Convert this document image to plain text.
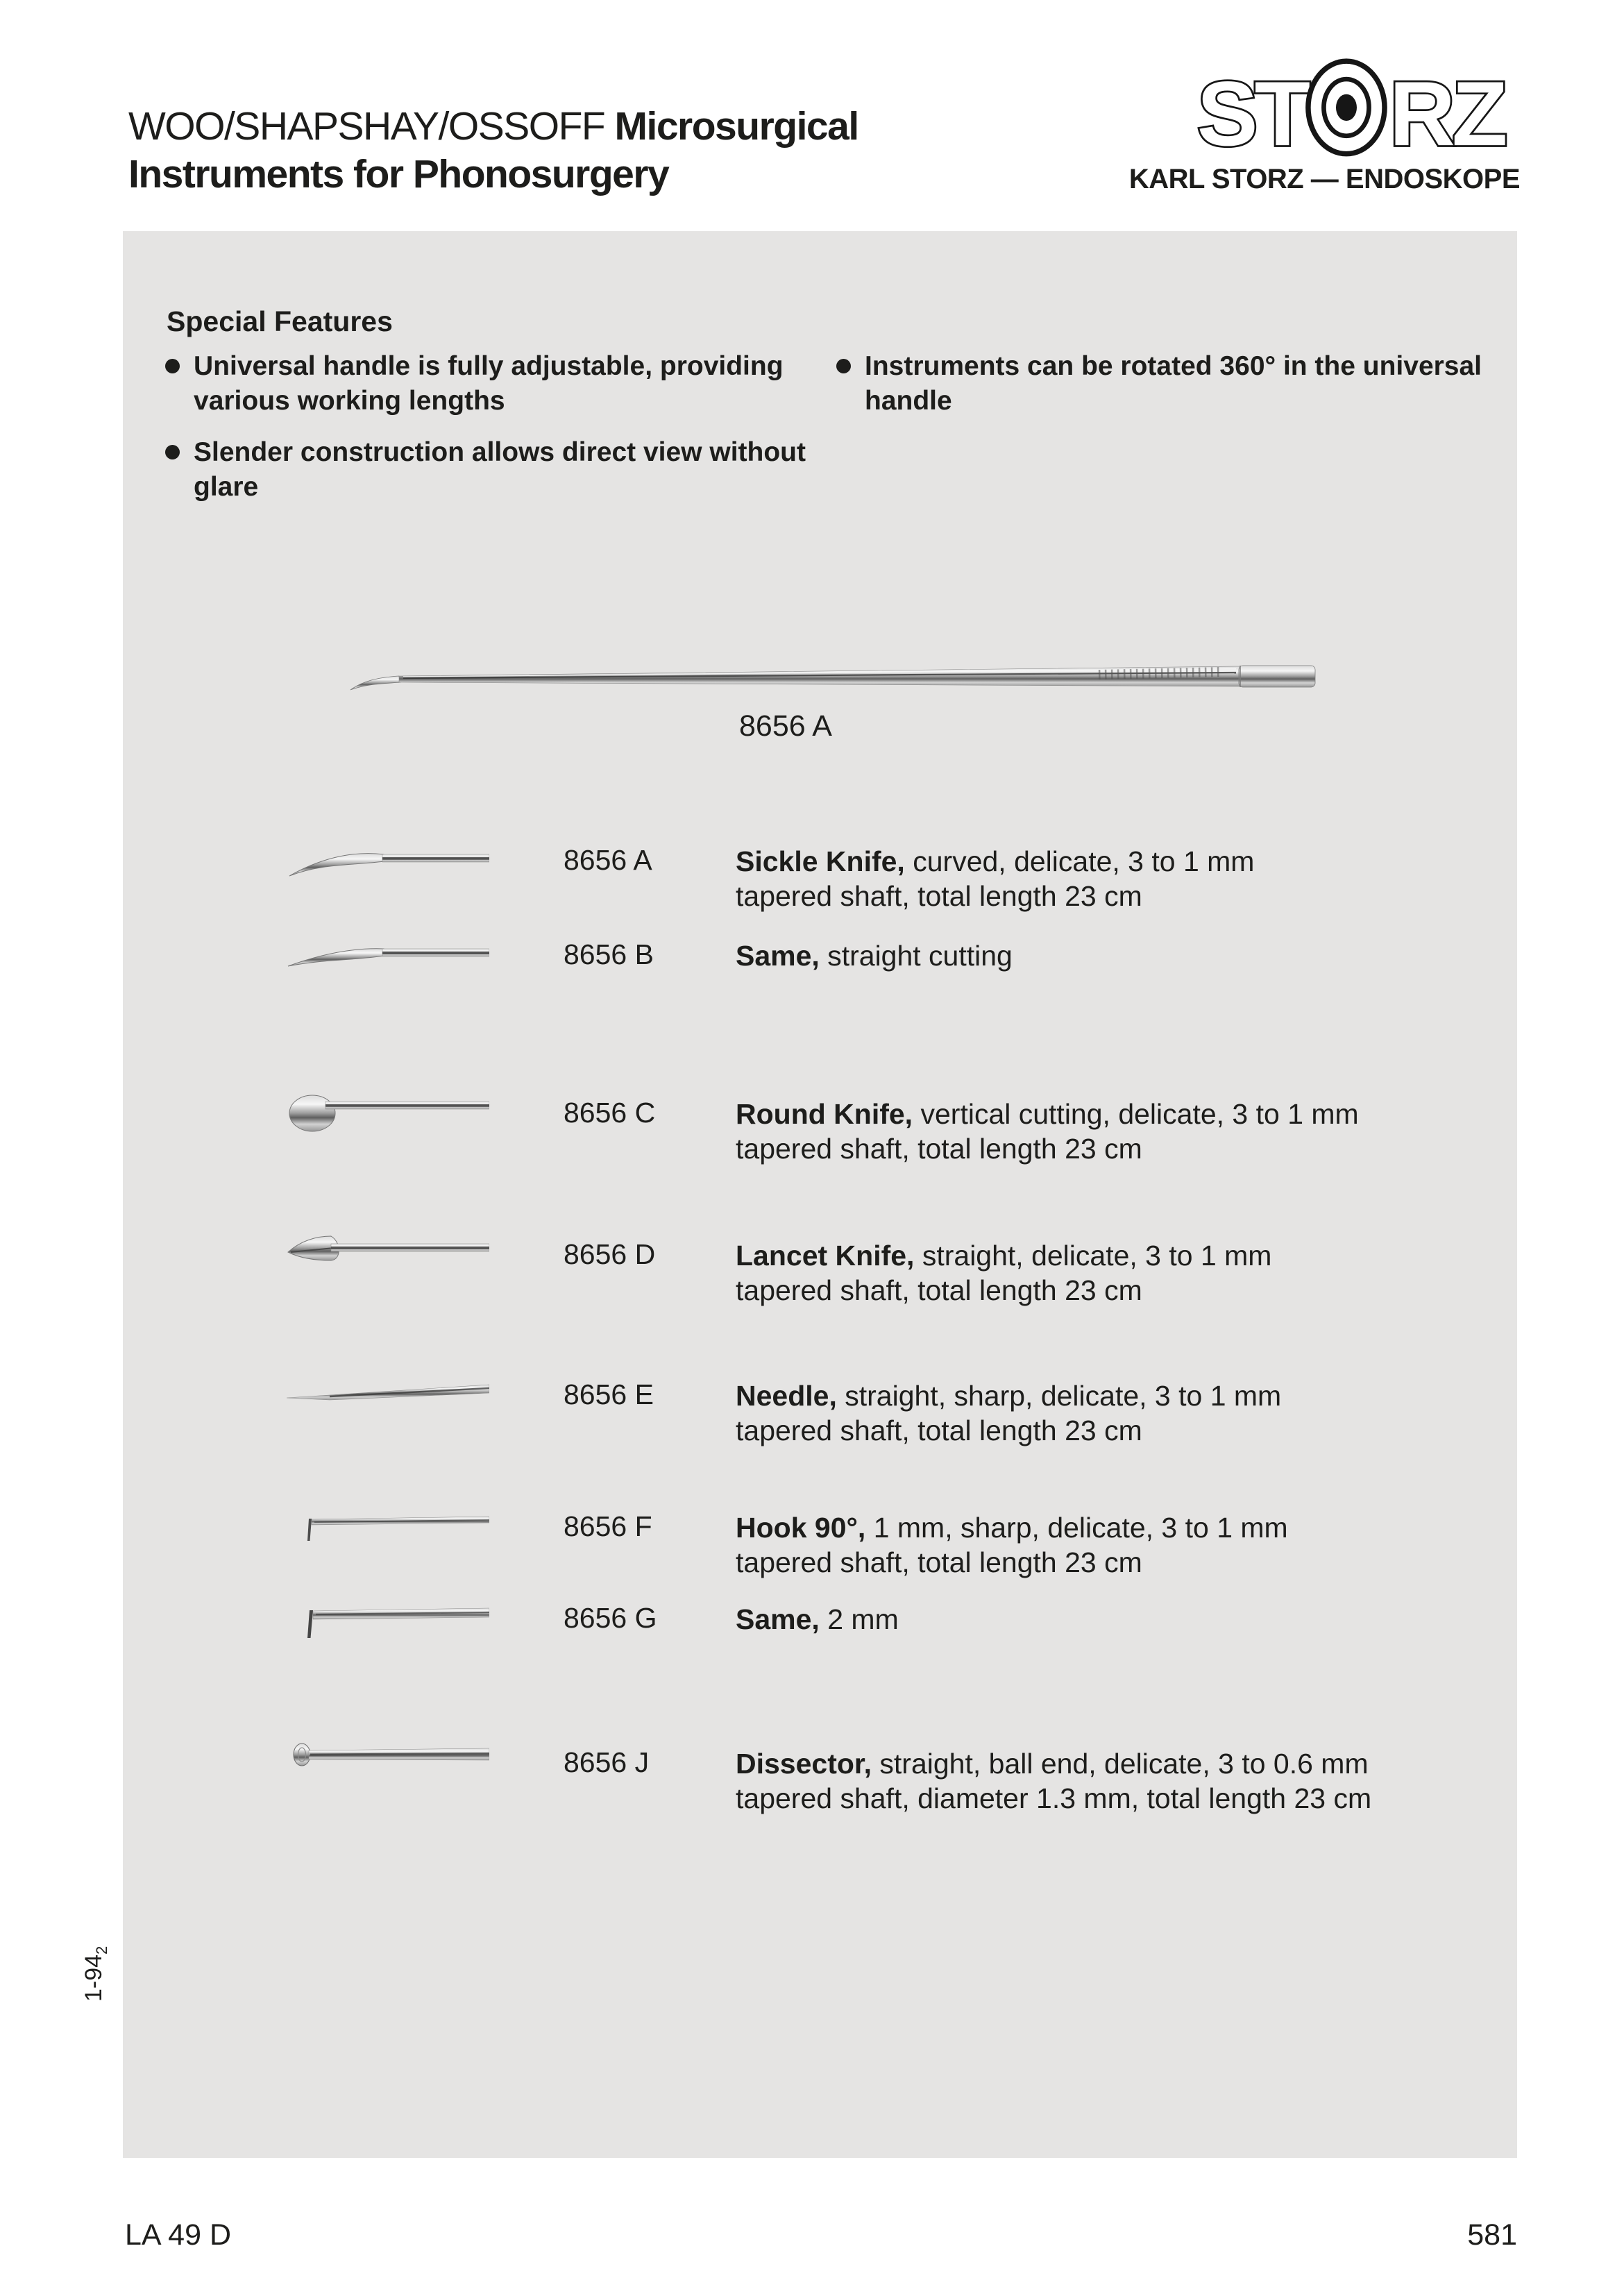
WOO/SHAPSHAY/OSSOFF Microsurgical
Instruments for Phonosurgery
ST RZ
KARL STORZ — ENDOSKOPE
Special Features
Universal handle is fully adjustable, providing
various working lengths
Slender construction allows direct view without
glare
Instruments can be rotated 360° in the universal
handle
8656 A
8656 A	Sickle Knife, curved, delicate, 3 to 1 mm
tapered shaft, total length 23 cm
8656 B	Same, straight cutting
8656 C	Round Knife, vertical cutting, delicate, 3 to 1 mm
tapered shaft, total length 23 cm
8656 D	Lancet Knife, straight, delicate, 3 to 1 mm
tapered shaft, total length 23 cm
8656 E	Needle, straight, sharp, delicate, 3 to 1 mm
tapered shaft, total length 23 cm
8656 F	Hook 90°, 1 mm, sharp, delicate, 3 to 1 mm
tapered shaft, total length 23 cm
8656 G	Same, 2 mm
8656 J	Dissector, straight, ball end, delicate, 3 to 0.6 mm
tapered shaft, diameter 1.3 mm, total length 23 cm
$1-94_2$
LA 49 D	581
